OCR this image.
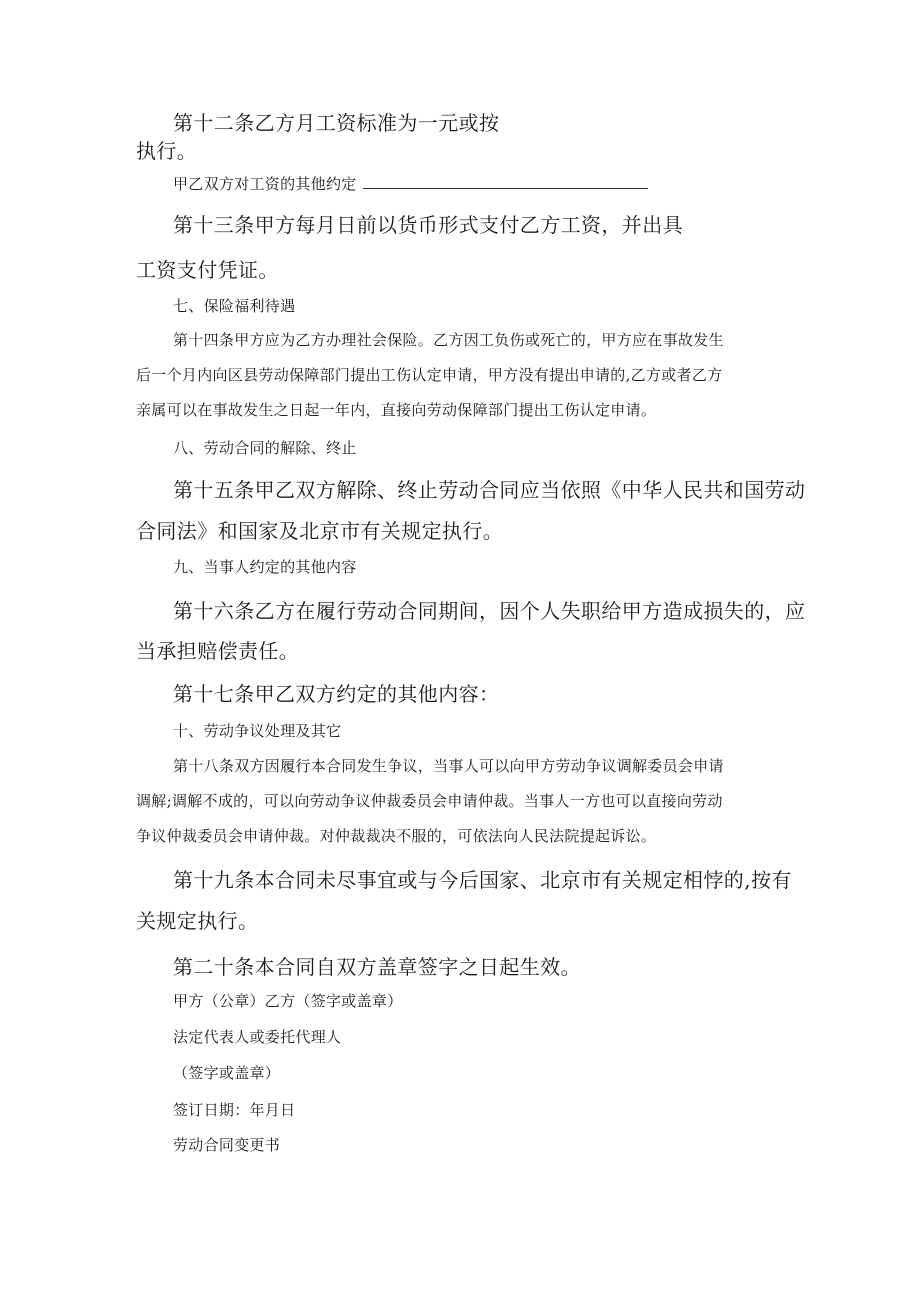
第十二条乙方月工资标准为一元或按

执行。

甲乙双方对工资的其他约定

第十三条甲方每月日前以货币形式支付乙方工资，并出具

工资支付凭证。

七、保险福利待遇

第十四条甲方应为乙方办理社会保险。乙方因工负伤或死亡的，甲方应在事故发生

后一个月内向区县劳动保障部门提出工伤认定申请，甲方没有提出申请的,乙方或者乙方

亲属可以在事故发生之日起一年内，直接向劳动保障部门提出工伤认定申请。

八、劳动合同的解除、终止

第十五条甲乙双方解除、终止劳动合同应当依照《中华人民共和国劳动

合同法》和国家及北京市有关规定执行。

九、当事人约定的其他内容

第十六条乙方在履行劳动合同期间，因个人失职给甲方造成损失的，应

当承担赔偿责任。

第十七条甲乙双方约定的其他内容：

十、劳动争议处理及其它

第十八条双方因履行本合同发生争议，当事人可以向甲方劳动争议调解委员会申请

调解;调解不成的，可以向劳动争议仲裁委员会申请仲裁。当事人一方也可以直接向劳动

争议仲裁委员会申请仲裁。对仲裁裁决不服的，可依法向人民法院提起诉讼。

第十九条本合同未尽事宜或与今后国家、北京市有关规定相悖的,按有

关规定执行。

第二十条本合同自双方盖章签字之日起生效。

甲方（公章）乙方（签字或盖章）

法定代表人或委托代理人

（签字或盖章）

签订日期：年月日

劳动合同变更书
